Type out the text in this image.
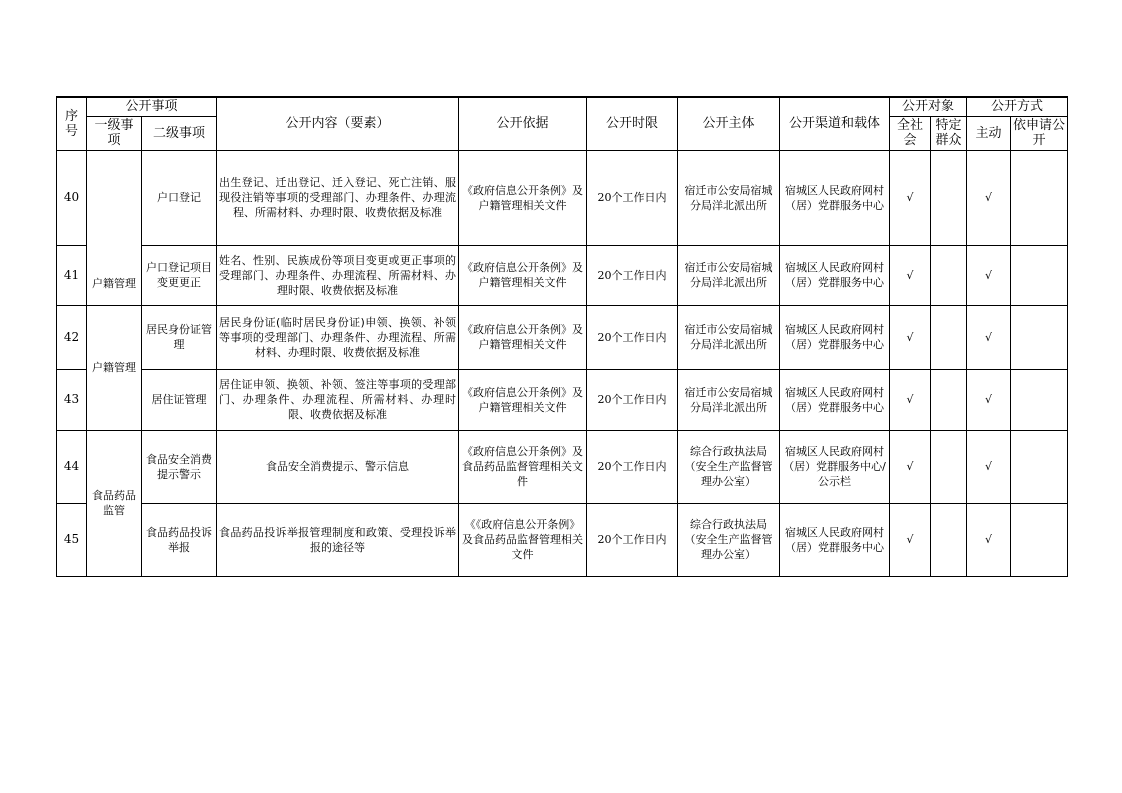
序号	公开事项		公开内容（要素）	公开依据	公开时限	公开主体	公开渠道和载体	公开对象		公开方式	
	一级事项	二级事项						全社会	特定群众	主动	依申请公开
40	户籍管理	户口登记	出生登记、迁出登记、迁入登记、死亡注销、服现役注销等事项的受理部门、办理条件、办理流程、所需材料、办理时限、收费依据及标准	《政府信息公开条例》及户籍管理相关文件	20个工作日内	宿迁市公安局宿城分局洋北派出所	宿城区人民政府网村（居）党群服务中心	√		√	
41		户口登记项目变更更正	姓名、性别、民族成份等项目变更或更正事项的受理部门、办理条件、办理流程、所需材料、办理时限、收费依据及标准	《政府信息公开条例》及户籍管理相关文件	20个工作日内	宿迁市公安局宿城分局洋北派出所	宿城区人民政府网村（居）党群服务中心	√		√	
42	户籍管理	居民身份证管理	居民身份证(临时居民身份证)申领、换领、补领等事项的受理部门、办理条件、办理流程、所需材料、办理时限、收费依据及标准	《政府信息公开条例》及户籍管理相关文件	20个工作日内	宿迁市公安局宿城分局洋北派出所	宿城区人民政府网村（居）党群服务中心	√		√	
43		居住证管理	居住证申领、换领、补领、签注等事项的受理部门、办理条件、办理流程、所需材料、办理时限、收费依据及标准	《政府信息公开条例》及户籍管理相关文件	20个工作日内	宿迁市公安局宿城分局洋北派出所	宿城区人民政府网村（居）党群服务中心	√		√	
44	食品药品监管	食品安全消费提示警示	食品安全消费提示、警示信息	《政府信息公开条例》及食品药品监督管理相关文件	20个工作日内	综合行政执法局（安全生产监督管理办公室）	宿城区人民政府网村（居）党群服务中心/公示栏	√		√	
45		食品药品投诉举报	食品药品投诉举报管理制度和政策、受理投诉举报的途径等	《《政府信息公开条例》及食品药品监督管理相关文件	20个工作日内	综合行政执法局（安全生产监督管理办公室）	宿城区人民政府网村（居）党群服务中心	√		√	
